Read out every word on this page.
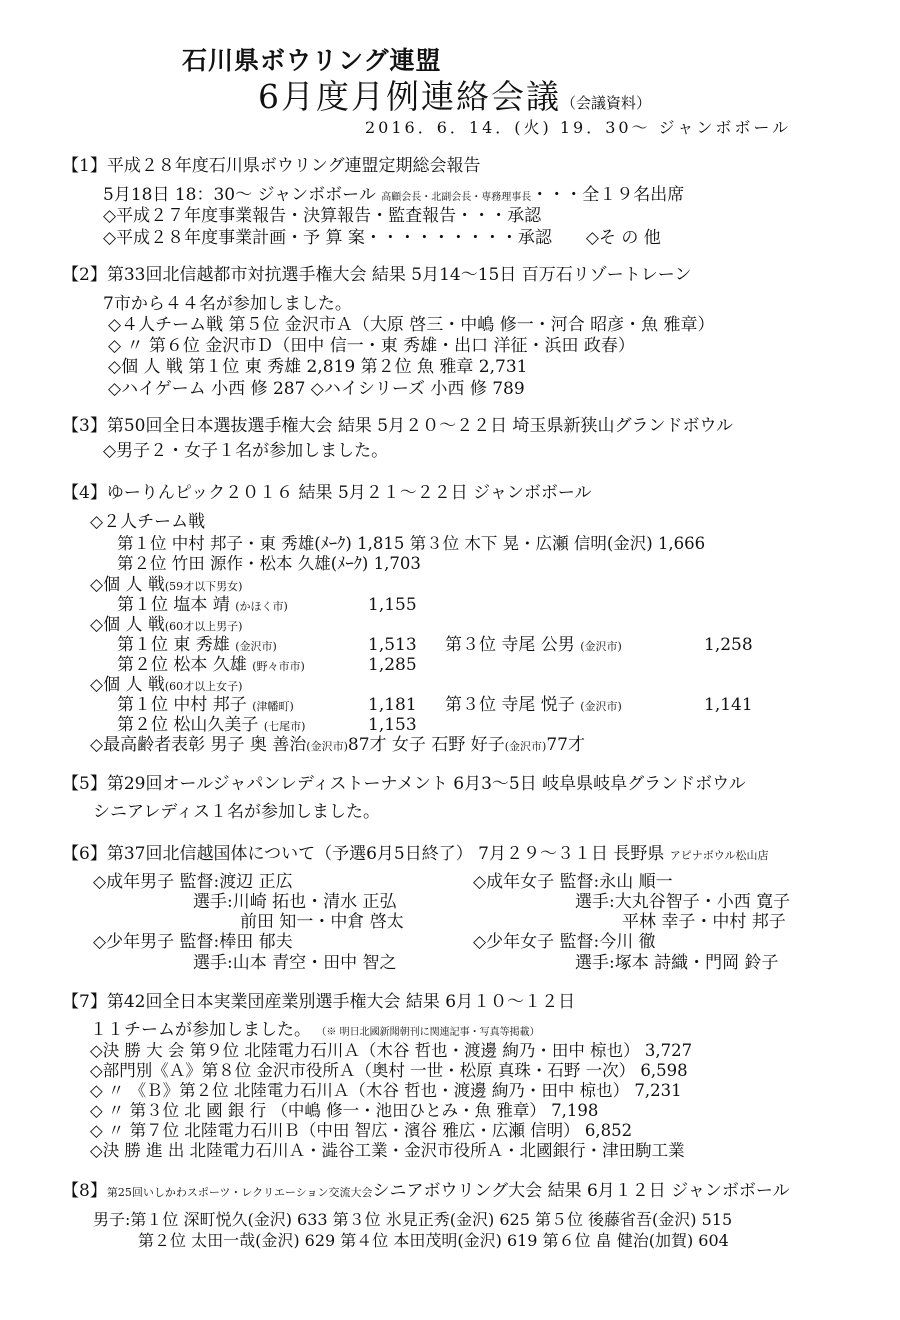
石川県ボウリング連盟
6月度月例連絡会議（会議資料）
2016．6．14．(火) 19．30～ ジャンボボール
【1】平成２８年度石川県ボウリング連盟定期総会報告
5月18日 18：30～ ジャンボボール 高顧会長・北副会長・専務理事長・・・全１９名出席
◇平成２７年度事業報告・決算報告・監査報告・・・承認
◇平成２８年度事業計画・予 算 案・・・・・・・・・承認　　 ◇そ の 他
【2】第33回北信越都市対抗選手権大会 結果 5月14～15日 百万石リゾートレーン
7市から４４名が参加しました。
◇４人チーム戦 第５位 金沢市Ａ（大原 啓三・中嶋 修一・河合 昭彦・魚 雅章）
◇ 〃 第６位 金沢市Ｄ（田中 信一・東 秀雄・出口 洋征・浜田 政春）
◇個 人 戦 第１位 東 秀雄 2,819 第２位 魚 雅章 2,731
◇ハイゲーム 小西 修 287 ◇ハイシリーズ 小西 修 789
【3】第50回全日本選抜選手権大会 結果 5月２０～２２日 埼玉県新狭山グランドボウル
◇男子２・女子１名が参加しました。
【4】ゆーりんピック２０１６ 結果 5月２１～２２日 ジャンボボール
◇２人チーム戦
第１位 中村 邦子・東 秀雄(ﾒｰｸ) 1,815 第３位 木下 晃・広瀬 信明(金沢) 1,666
第２位 竹田 源作・松本 久雄(ﾒｰｸ) 1,703
◇個 人 戦(59才以下男女)
第１位 塩本 靖 (かほく市)	1,155
◇個 人 戦(60才以上男子)
第１位 東 秀雄 (金沢市)	1,513 第３位 寺尾 公男 (金沢市)	1,258
第２位 松本 久雄 (野々市市)	1,285
◇個 人 戦(60才以上女子)
第１位 中村 邦子 (津幡町)	1,181 第３位 寺尾 悦子 (金沢市)	1,141
第２位 松山久美子 (七尾市)	1,153
◇最高齢者表彰 男子 奥 善治(金沢市)87才 女子 石野 好子(金沢市)77才
【5】第29回オールジャパンレディストーナメント 6月3～5日 岐阜県岐阜グランドボウル
シニアレディス１名が参加しました。
【6】第37回北信越国体について（予選6月5日終了） 7月２９～３１日 長野県 アピナボウル松山店
◇成年男子 監督:渡辺 正広	◇成年女子 監督:永山 順一
選手:川崎 拓也・清水 正弘	選手:大丸谷智子・小西 寛子
前田 知一・中倉 啓太	平林 幸子・中村 邦子
◇少年男子 監督:棒田 郁夫	◇少年女子 監督:今川 徹
選手:山本 青空・田中 智之	選手:塚本 詩織・門岡 鈴子
【7】第42回全日本実業団産業別選手権大会 結果 6月１０～１２日
１１チームが参加しました。 （※ 明日北國新聞朝刊に関連記事・写真等掲載）
◇決 勝 大 会 第９位 北陸電力石川Ａ（木谷 哲也・渡邊 絢乃・田中 椋也） 3,727
◇部門別《Ａ》第８位 金沢市役所Ａ（奥村 一世・松原 真珠・石野 一次） 6,598
◇ 〃 《Ｂ》第２位 北陸電力石川Ａ（木谷 哲也・渡邊 絢乃・田中 椋也） 7,231
◇ 〃 第３位 北 國 銀 行 （中嶋 修一・池田ひとみ・魚 雅章） 7,198
◇ 〃 第７位 北陸電力石川Ｂ（中田 智広・濱谷 雅広・広瀬 信明） 6,852
◇決 勝 進 出 北陸電力石川Ａ・澁谷工業・金沢市役所Ａ・北國銀行・津田駒工業
【8】第25回いしかわスポーツ・レクリエーション交流大会シニアボウリング大会 結果 6月１２日 ジャンボボール
男子:第１位 深町悦久(金沢) 633 第３位 氷見正秀(金沢) 625 第５位 後藤省吾(金沢) 515
第２位 太田一哉(金沢) 629 第４位 本田茂明(金沢) 619 第６位 畠 健治(加賀) 604
